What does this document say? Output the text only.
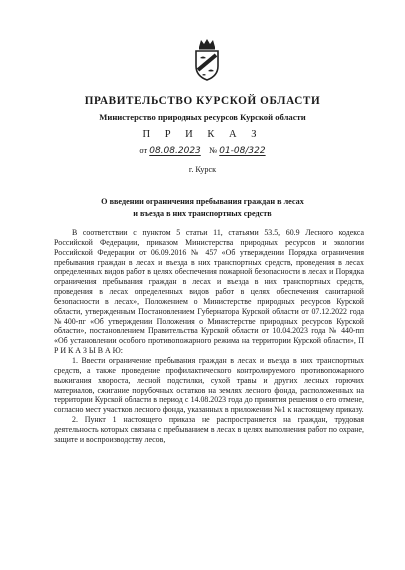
ПРАВИТЕЛЬСТВО КУРСКОЙ ОБЛАСТИ
Министерство природных ресурсов Курской области
П Р И К А З
от 08.08.2023 № 01-08/322
г. Курск
О введении ограничения пребывания граждан в лесах
и въезда в них транспортных средств

В соответствии с пунктом 5 статьи 11, статьями 53.5, 60.9 Лесного кодекса Российской Федерации, приказом Министерства природных ресурсов и экологии Российской Федерации от 06.09.2016 № 457 «Об утверждении Порядка ограничения пребывания граждан в лесах и въезда в них транспортных средств, проведения в лесах определенных видов работ в целях обеспечения пожарной безопасности в лесах и Порядка ограничения пребывания граждан в лесах и въезда в них транспортных средств, проведения в лесах определенных видов работ в целях обеспечения санитарной безопасности в лесах», Положением о Министерстве природных ресурсов Курской области, утвержденным Постановлением Губернатора Курской области от 07.12.2022 года №400-пг «Об утверждении Положения о Министерстве природных ресурсов Курской области», постановлением Правительства Курской области от 10.04.2023 года № 440-пп «Об установлении особого противопожарного режима на территории Курской области», П Р И К А З Ы В А Ю:

1. Ввести ограничение пребывания граждан в лесах и въезда в них транспортных средств, а также проведение профилактического контролируемого противопожарного выжигания хвороста, лесной подстилки, сухой травы и других лесных горючих материалов, сжигание порубочных остатков на землях лесного фонда, расположенных на территории Курской области в период с 14.08.2023 года до принятия решения о его отмене, согласно мест участков лесного фонда, указанных в приложении №1 к настоящему приказу.

2. Пункт 1 настоящего приказа не распространяется на граждан, трудовая деятельность которых связана с пребыванием в лесах в целях выполнения работ по охране, защите и воспроизводству лесов,
